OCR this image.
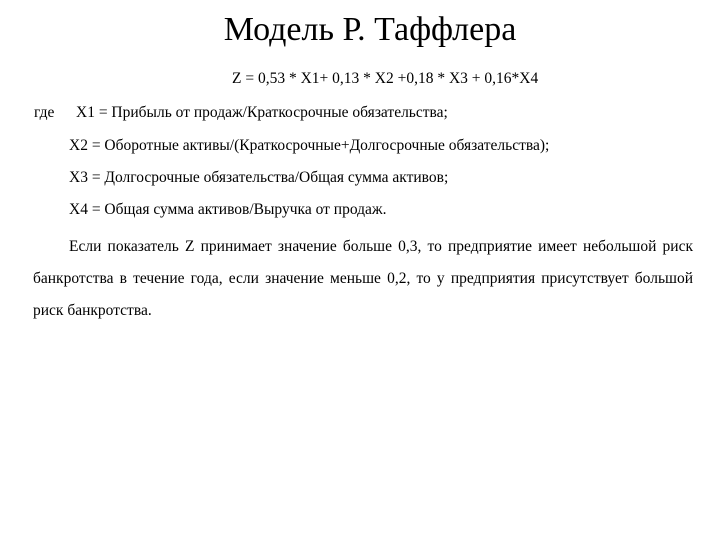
Модель Р. Таффлера
Z = 0,53 * X1+ 0,13 * X2 +0,18 * X3 + 0,16*X4
где X1 = Прибыль от продаж/Краткосрочные обязательства;
X2 = Оборотные активы/(Краткосрочные+Долгосрочные обязательства);
X3 = Долгосрочные обязательства/Общая сумма активов;
X4 = Общая сумма активов/Выручка от продаж.

Если показатель Z принимает значение больше 0,3, то предприятие имеет небольшой риск банкротства в течение года, если значение меньше 0,2, то у предприятия присутствует большой риск банкротства.
